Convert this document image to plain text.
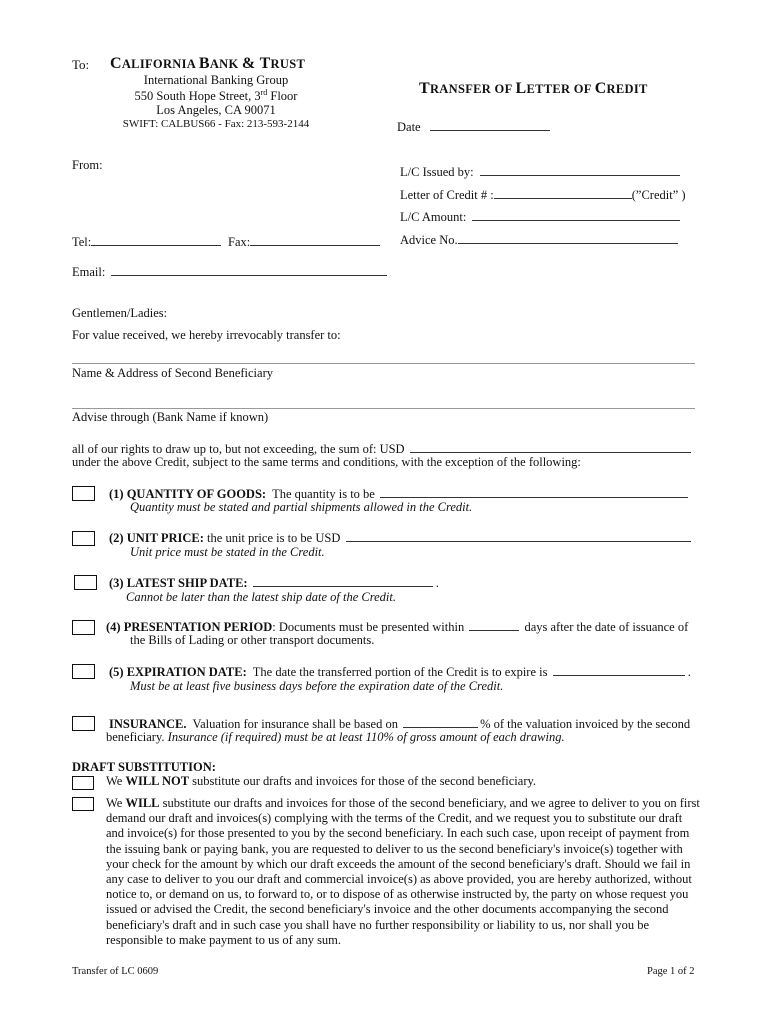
To: CALIFORNIA BANK & TRUST
International Banking Group
550 South Hope Street, 3rd Floor
Los Angeles, CA 90071
SWIFT: CALBUS66 - Fax: 213-593-2144
TRANSFER OF LETTER OF CREDIT
Date
From:	L/C Issued by:
Letter of Credit # :	(”Credit” )
L/C Amount:
Advice No.
Tel:	Fax:
Email:
Gentlemen/Ladies:
For value received, we hereby irrevocably transfer to:
Name & Address of Second Beneficiary
Advise through (Bank Name if known)
all of our rights to draw up to, but not exceeding, the sum of: USD
under the above Credit, subject to the same terms and conditions, with the exception of the following:
(1) QUANTITY OF GOODS: The quantity is to be
Quantity must be stated and partial shipments allowed in the Credit.
(2) UNIT PRICE: the unit price is to be USD
Unit price must be stated in the Credit.
(3) LATEST SHIP DATE:	.
Cannot be later than the latest ship date of the Credit.
(4) PRESENTATION PERIOD: Documents must be presented within	days after the date of issuance of
the Bills of Lading or other transport documents.
(5) EXPIRATION DATE: The date the transferred portion of the Credit is to expire is	.
Must be at least five business days before the expiration date of the Credit.
INSURANCE. Valuation for insurance shall be based on	% of the valuation invoiced by the second
beneficiary. Insurance (if required) must be at least 110% of gross amount of each drawing.
DRAFT SUBSTITUTION:
We WILL NOT substitute our drafts and invoices for those of the second beneficiary.
We WILL substitute our drafts and invoices for those of the second beneficiary, and we agree to deliver to you on first demand our draft and invoices(s) complying with the terms of the Credit, and we request you to substitute our draft and invoice(s) for those presented to you by the second beneficiary. In each such case, upon receipt of payment from the issuing bank or paying bank, you are requested to deliver to us the second beneficiary's invoice(s) together with your check for the amount by which our draft exceeds the amount of the second beneficiary's draft. Should we fail in any case to deliver to you our draft and commercial invoice(s) as above provided, you are hereby authorized, without notice to, or demand on us, to forward to, or to dispose of as otherwise instructed by, the party on whose request you issued or advised the Credit, the second beneficiary's invoice and the other documents accompanying the second beneficiary's draft and in such case you shall have no further responsibility or liability to us, nor shall you be responsible to make payment to us of any sum.
Transfer of LC 0609	Page 1 of 2
